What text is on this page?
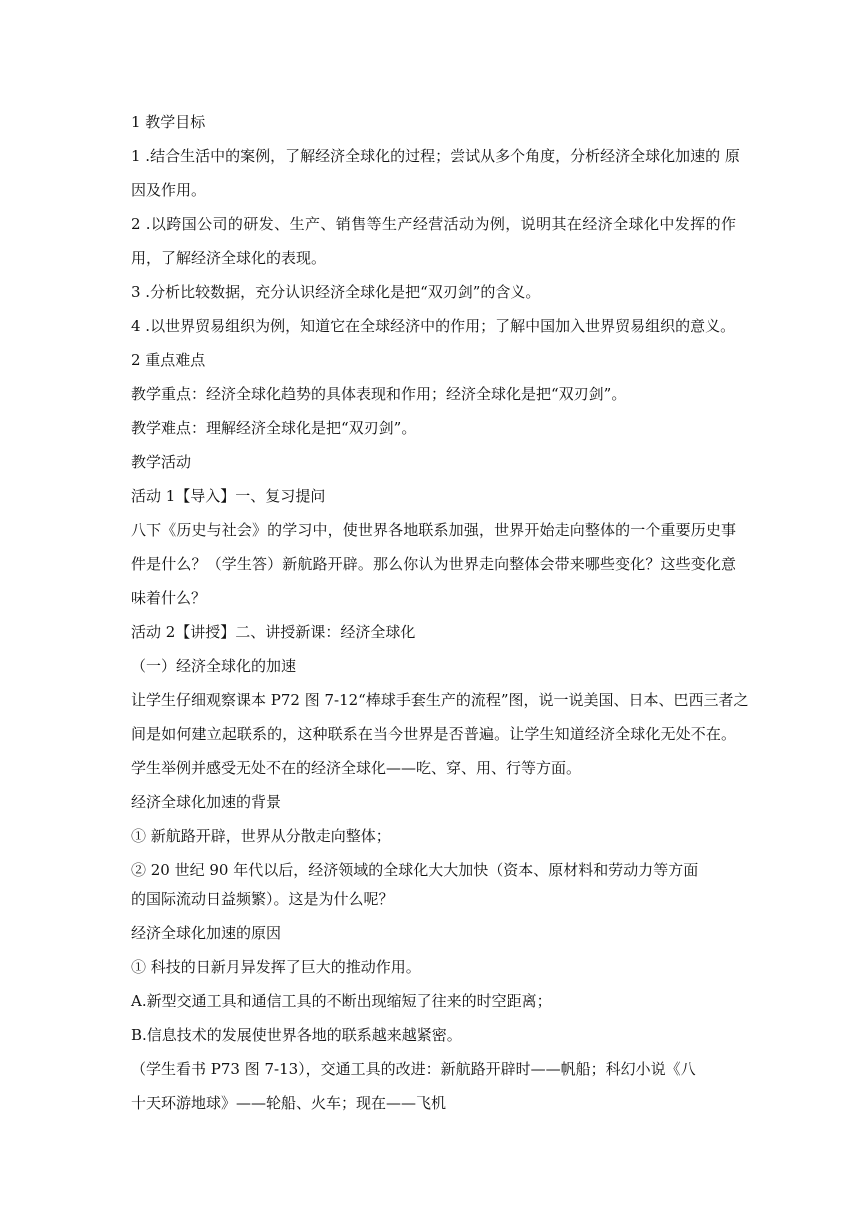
1 教学目标

1 .结合生活中的案例，了解经济全球化的过程；尝试从多个角度，分析经济全球化加速的 原

因及作用。

2 .以跨国公司的研发、生产、销售等生产经营活动为例，说明其在经济全球化中发挥的作

用，了解经济全球化的表现。

3 .分析比较数据，充分认识经济全球化是把“双刃剑”的含义。

4 .以世界贸易组织为例，知道它在全球经济中的作用；了解中国加入世界贸易组织的意义。

2 重点难点

教学重点：经济全球化趋势的具体表现和作用；经济全球化是把“双刃剑”。

教学难点：理解经济全球化是把“双刃剑”。

教学活动

活动 1【导入】一、复习提问

八下《历史与社会》的学习中，使世界各地联系加强，世界开始走向整体的一个重要历史事

件是什么？（学生答）新航路开辟。那么你认为世界走向整体会带来哪些变化？这些变化意

味着什么？

活动 2【讲授】二、讲授新课：经济全球化

（一）经济全球化的加速

让学生仔细观察课本 P72 图 7-12“棒球手套生产的流程”图，说一说美国、日本、巴西三者之

间是如何建立起联系的，这种联系在当今世界是否普遍。让学生知道经济全球化无处不在。

学生举例并感受无处不在的经济全球化——吃、穿、用、行等方面。

经济全球化加速的背景

① 新航路开辟，世界从分散走向整体；

② 20 世纪 90 年代以后，经济领域的全球化大大加快（资本、原材料和劳动力等方面

的国际流动日益频繁）。这是为什么呢？

经济全球化加速的原因

① 科技的日新月异发挥了巨大的推动作用。

A.新型交通工具和通信工具的不断出现缩短了往来的时空距离；

B.信息技术的发展使世界各地的联系越来越紧密。

（学生看书 P73 图 7-13），交通工具的改进：新航路开辟时——帆船；科幻小说《八

十天环游地球》——轮船、火车；现在——飞机
